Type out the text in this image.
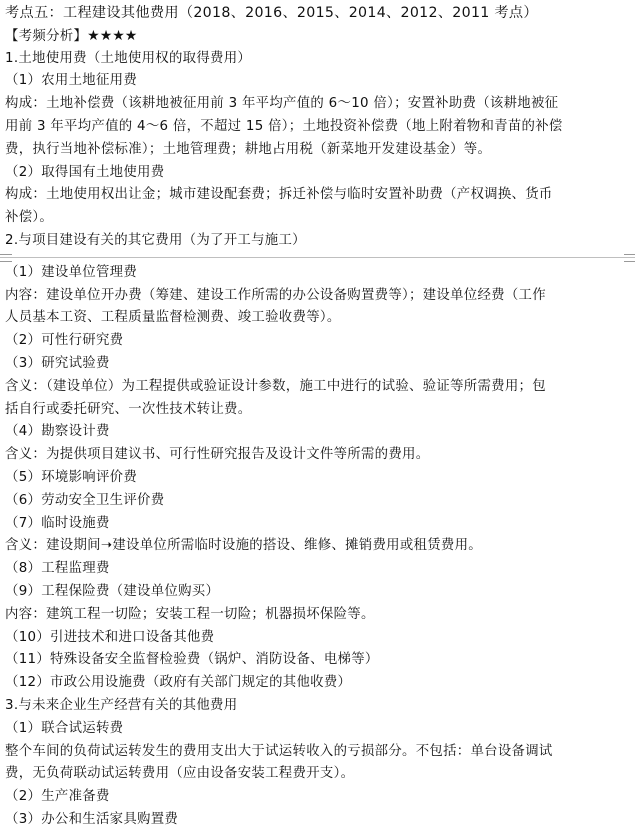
考点五：工程建设其他费用（2018、2016、2015、2014、2012、2011 考点）
【考频分析】★★★★
1.土地使用费（土地使用权的取得费用）
（1）农用土地征用费
构成：土地补偿费（该耕地被征用前 3 年平均产值的 6～10 倍）；安置补助费（该耕地被征
用前 3 年平均产值的 4～6 倍，不超过 15 倍）；土地投资补偿费（地上附着物和青苗的补偿
费，执行当地补偿标准）；土地管理费；耕地占用税（新菜地开发建设基金）等。
（2）取得国有土地使用费
构成：土地使用权出让金；城市建设配套费；拆迁补偿与临时安置补助费（产权调换、货币
补偿）。
2.与项目建设有关的其它费用（为了开工与施工）
（1）建设单位管理费
内容：建设单位开办费（筹建、建设工作所需的办公设备购置费等）；建设单位经费（工作
人员基本工资、工程质量监督检测费、竣工验收费等）。
（2）可性行研究费
（3）研究试验费
含义：（建设单位）为工程提供或验证设计参数，施工中进行的试验、验证等所需费用；包
括自行或委托研究、一次性技术转让费。
（4）勘察设计费
含义：为提供项目建议书、可行性研究报告及设计文件等所需的费用。
（5）环境影响评价费
（6）劳动安全卫生评价费
（7）临时设施费
含义：建设期间➝建设单位所需临时设施的搭设、维修、摊销费用或租赁费用。
（8）工程监理费
（9）工程保险费（建设单位购买）
内容：建筑工程一切险；安装工程一切险；机器损坏保险等。
（10）引进技术和进口设备其他费
（11）特殊设备安全监督检验费（锅炉、消防设备、电梯等）
（12）市政公用设施费（政府有关部门规定的其他收费）
3.与未来企业生产经营有关的其他费用
（1）联合试运转费
整个车间的负荷试运转发生的费用支出大于试运转收入的亏损部分。不包括：单台设备调试
费，无负荷联动试运转费用（应由设备安装工程费开支）。
（2）生产准备费
（3）办公和生活家具购置费
